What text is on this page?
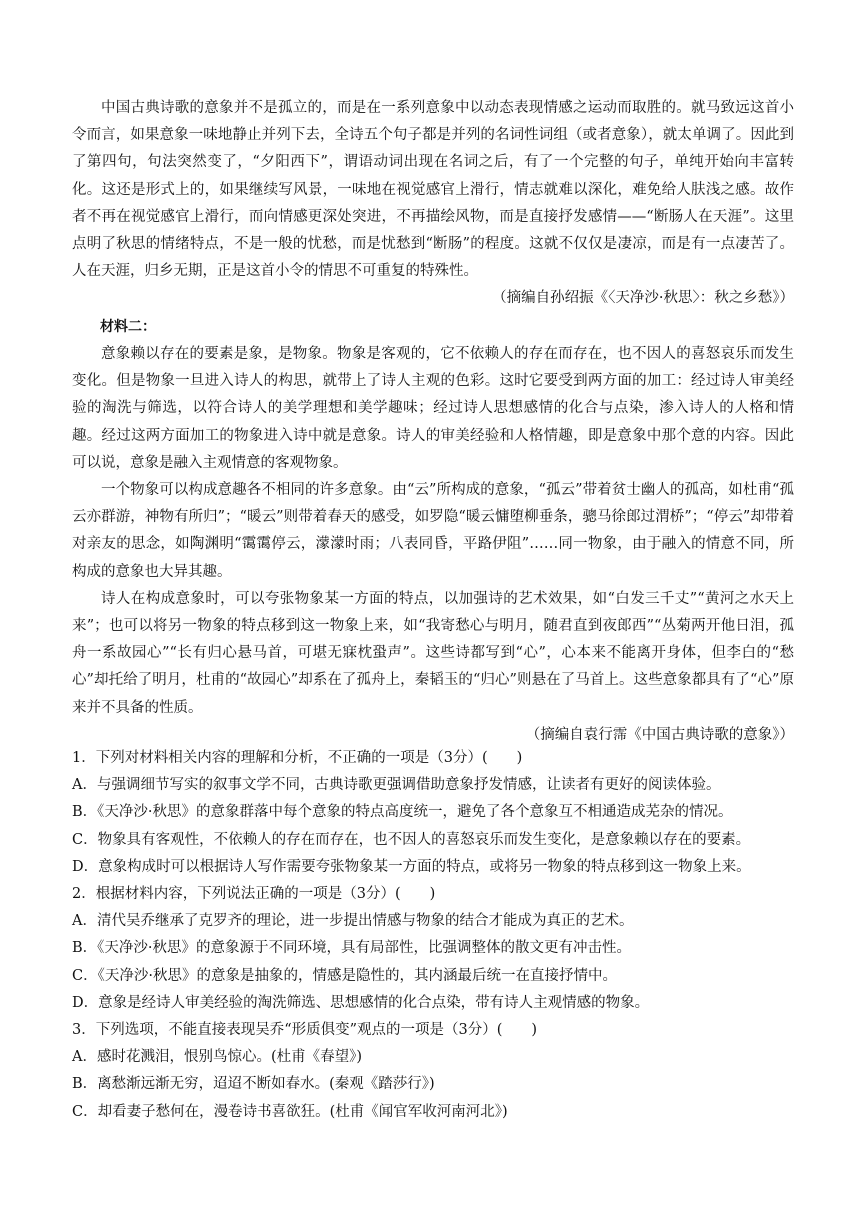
中国古典诗歌的意象并不是孤立的，而是在一系列意象中以动态表现情感之运动而取胜的。就马致远这首小令而言，如果意象一味地静止并列下去，全诗五个句子都是并列的名词性词组（或者意象），就太单调了。因此到了第四句，句法突然变了，“夕阳西下”，谓语动词出现在名词之后，有了一个完整的句子，单纯开始向丰富转化。这还是形式上的，如果继续写风景，一味地在视觉感官上滑行，情志就难以深化，难免给人肤浅之感。故作者不再在视觉感官上滑行，而向情感更深处突进，不再描绘风物，而是直接抒发感情——“断肠人在天涯”。这里点明了秋思的情绪特点，不是一般的忧愁，而是忧愁到“断肠”的程度。这就不仅仅是凄凉，而是有一点凄苦了。人在天涯，归乡无期，正是这首小令的情思不可重复的特殊性。

（摘编自孙绍振《〈天净沙·秋思〉：秋之乡愁》）

材料二：

意象赖以存在的要素是象，是物象。物象是客观的，它不依赖人的存在而存在，也不因人的喜怒哀乐而发生变化。但是物象一旦进入诗人的构思，就带上了诗人主观的色彩。这时它要受到两方面的加工：经过诗人审美经验的淘洗与筛选，以符合诗人的美学理想和美学趣味；经过诗人思想感情的化合与点染，渗入诗人的人格和情趣。经过这两方面加工的物象进入诗中就是意象。诗人的审美经验和人格情趣，即是意象中那个意的内容。因此可以说，意象是融入主观情意的客观物象。

一个物象可以构成意趣各不相同的许多意象。由“云”所构成的意象，“孤云”带着贫士幽人的孤高，如杜甫“孤云亦群游，神物有所归”；“暖云”则带着春天的感受，如罗隐“暖云慵堕柳垂条，骢马徐郎过渭桥”；“停云”却带着对亲友的思念，如陶渊明“霭霭停云，濛濛时雨；八表同昏，平路伊阻”……同一物象，由于融入的情意不同，所构成的意象也大异其趣。

诗人在构成意象时，可以夸张物象某一方面的特点，以加强诗的艺术效果，如“白发三千丈”“黄河之水天上来”；也可以将另一物象的特点移到这一物象上来，如“我寄愁心与明月，随君直到夜郎西”“丛菊两开他日泪，孤舟一系故园心”“长有归心悬马首，可堪无寐枕蛩声”。这些诗都写到“心”，心本来不能离开身体，但李白的“愁心”却托给了明月，杜甫的“故园心”却系在了孤舟上，秦韬玉的“归心”则悬在了马首上。这些意象都具有了“心”原来并不具备的性质。

（摘编自袁行霈《中国古典诗歌的意象》）

1．下列对材料相关内容的理解和分析，不正确的一项是（3分）(　　)

A．与强调细节写实的叙事文学不同，古典诗歌更强调借助意象抒发情感，让读者有更好的阅读体验。

B．《天净沙·秋思》的意象群落中每个意象的特点高度统一，避免了各个意象互不相通造成芜杂的情况。

C．物象具有客观性，不依赖人的存在而存在，也不因人的喜怒哀乐而发生变化，是意象赖以存在的要素。

D．意象构成时可以根据诗人写作需要夸张物象某一方面的特点，或将另一物象的特点移到这一物象上来。

2．根据材料内容，下列说法正确的一项是（3分）(　　)

A．清代吴乔继承了克罗齐的理论，进一步提出情感与物象的结合才能成为真正的艺术。

B．《天净沙·秋思》的意象源于不同环境，具有局部性，比强调整体的散文更有冲击性。

C．《天净沙·秋思》的意象是抽象的，情感是隐性的，其内涵最后统一在直接抒情中。

D．意象是经诗人审美经验的淘洗筛选、思想感情的化合点染，带有诗人主观情感的物象。

3．下列选项，不能直接表现吴乔“形质俱变”观点的一项是（3分）(　　)

A．感时花溅泪，恨别鸟惊心。(杜甫《春望》)

B．离愁渐远渐无穷，迢迢不断如春水。(秦观《踏莎行》)

C．却看妻子愁何在，漫卷诗书喜欲狂。(杜甫《闻官军收河南河北》)
